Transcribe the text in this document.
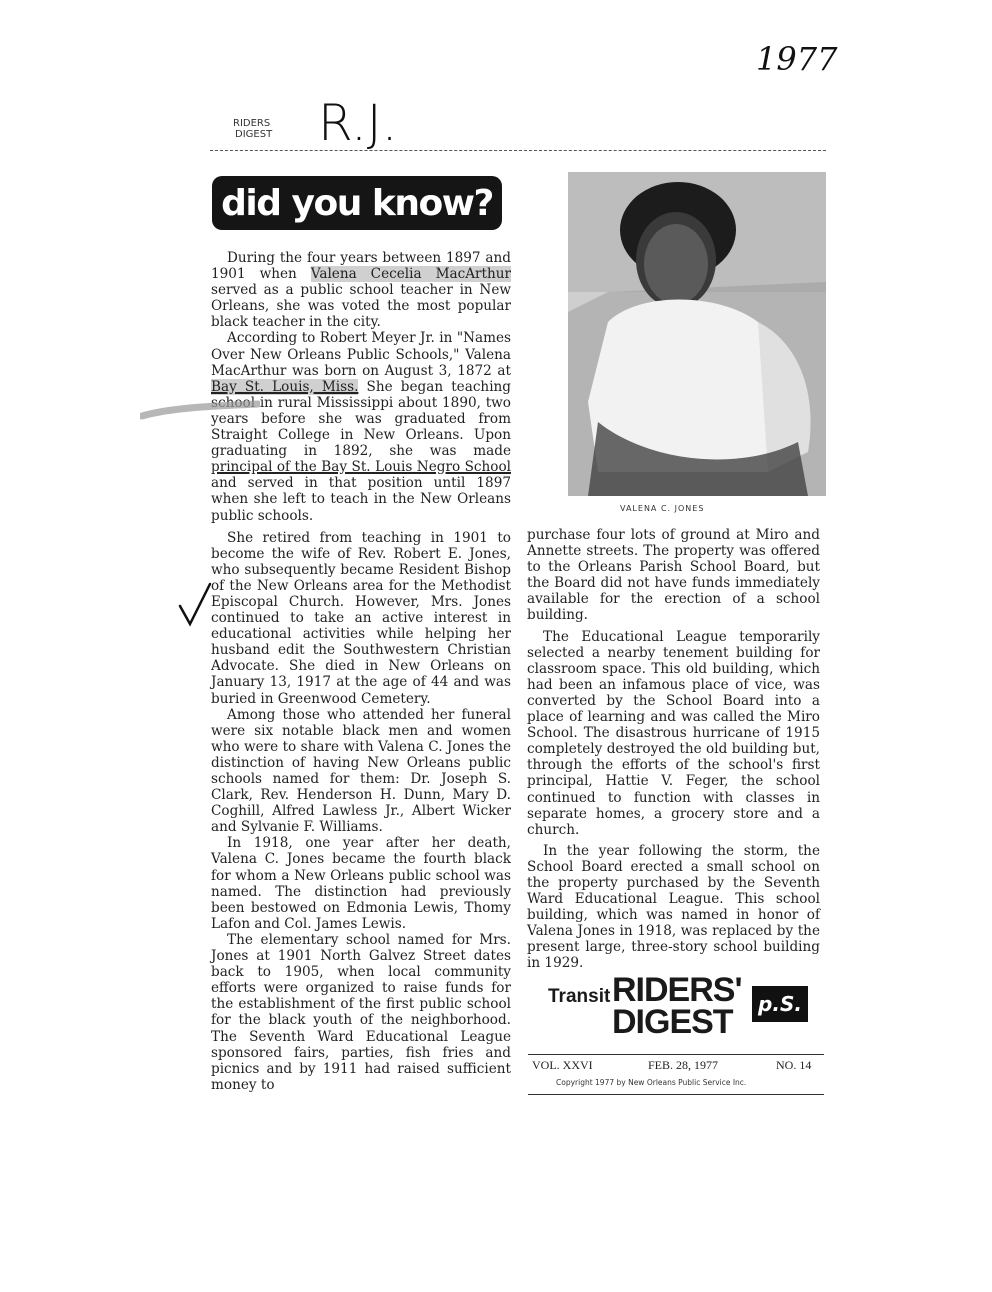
1977
R.J.
RIDERS
DIGEST
did you know?

During the four years between 1897 and 1901 when Valena Cecelia MacArthur served as a public school teacher in New Orleans, she was voted the most popular black teacher in the city.

According to Robert Meyer Jr. in "Names Over New Orleans Public Schools," Valena MacArthur was born on August 3, 1872 at Bay St. Louis, Miss. She began teaching school in rural Mississippi about 1890, two years before she was graduated from Straight College in New Orleans. Upon graduating in 1892, she was made principal of the Bay St. Louis Negro School and served in that position until 1897 when she left to teach in the New Orleans public schools.

She retired from teaching in 1901 to become the wife of Rev. Robert E. Jones, who subsequently became Resident Bishop of the New Orleans area for the Methodist Episcopal Church. However, Mrs. Jones continued to take an active interest in educational activities while helping her husband edit the Southwestern Christian Advocate. She died in New Orleans on January 13, 1917 at the age of 44 and was buried in Greenwood Cemetery.

Among those who attended her funeral were six notable black men and women who were to share with Valena C. Jones the distinction of having New Orleans public schools named for them: Dr. Joseph S. Clark, Rev. Henderson H. Dunn, Mary D. Coghill, Alfred Lawless Jr., Albert Wicker and Sylvanie F. Williams.

In 1918, one year after her death, Valena C. Jones became the fourth black for whom a New Orleans public school was named. The distinction had previously been bestowed on Edmonia Lewis, Thomy Lafon and Col. James Lewis.

The elementary school named for Mrs. Jones at 1901 North Galvez Street dates back to 1905, when local community efforts were organized to raise funds for the establishment of the first public school for the black youth of the neighborhood. The Seventh Ward Educational League sponsored fairs, parties, fish fries and picnics and by 1911 had raised sufficient money to

VALENA C. JONES

purchase four lots of ground at Miro and Annette streets. The property was offered to the Orleans Parish School Board, but the Board did not have funds immediately available for the erection of a school building.

The Educational League temporarily selected a nearby tenement building for classroom space. This old building, which had been an infamous place of vice, was converted by the School Board into a place of learning and was called the Miro School. The disastrous hurricane of 1915 completely destroyed the old building but, through the efforts of the school's first principal, Hattie V. Feger, the school continued to function with classes in separate homes, a grocery store and a church.

In the year following the storm, the School Board erected a small school on the property purchased by the Seventh Ward Educational League. This school building, which was named in honor of Valena Jones in 1918, was replaced by the present large, three-story school building in 1929.

Transit RIDERS'
DIGEST	p.S.
VOL. XXVI	FEB. 28, 1977	NO. 14
Copyright 1977 by New Orleans Public Service Inc.
